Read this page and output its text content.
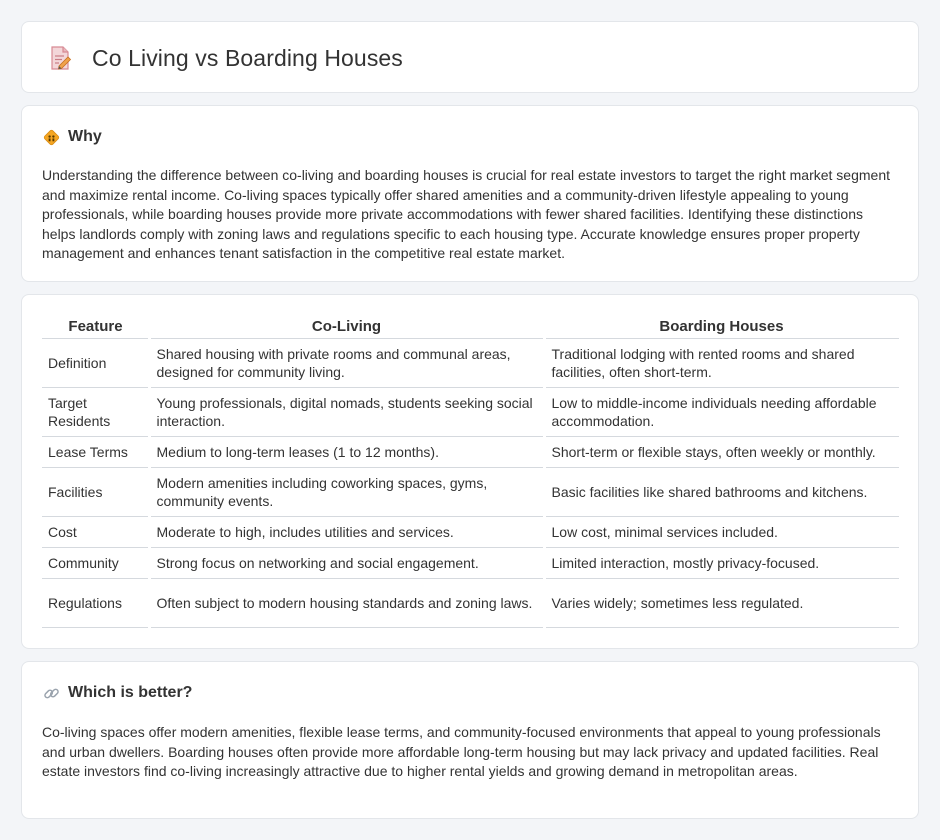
Co Living vs Boarding Houses
Why

Understanding the difference between co-living and boarding houses is crucial for real estate investors to target the right market segment and maximize rental income. Co-living spaces typically offer shared amenities and a community-driven lifestyle appealing to young professionals, while boarding houses provide more private accommodations with fewer shared facilities. Identifying these distinctions helps landlords comply with zoning laws and regulations specific to each housing type. Accurate knowledge ensures proper property management and enhances tenant satisfaction in the competitive real estate market.

Feature	Co-Living	Boarding Houses
Definition	Shared housing with private rooms and communal areas, designed for community living.	Traditional lodging with rented rooms and shared facilities, often short-term.
Target Residents	Young professionals, digital nomads, students seeking social interaction.	Low to middle-income individuals needing affordable accommodation.
Lease Terms	Medium to long-term leases (1 to 12 months).	Short-term or flexible stays, often weekly or monthly.
Facilities	Modern amenities including coworking spaces, gyms, community events.	Basic facilities like shared bathrooms and kitchens.
Cost	Moderate to high, includes utilities and services.	Low cost, minimal services included.
Community	Strong focus on networking and social engagement.	Limited interaction, mostly privacy-focused.
Regulations	Often subject to modern housing standards and zoning laws.	Varies widely; sometimes less regulated.
Which is better?

Co-living spaces offer modern amenities, flexible lease terms, and community-focused environments that appeal to young professionals and urban dwellers. Boarding houses often provide more affordable long-term housing but may lack privacy and updated facilities. Real estate investors find co-living increasingly attractive due to higher rental yields and growing demand in metropolitan areas.
